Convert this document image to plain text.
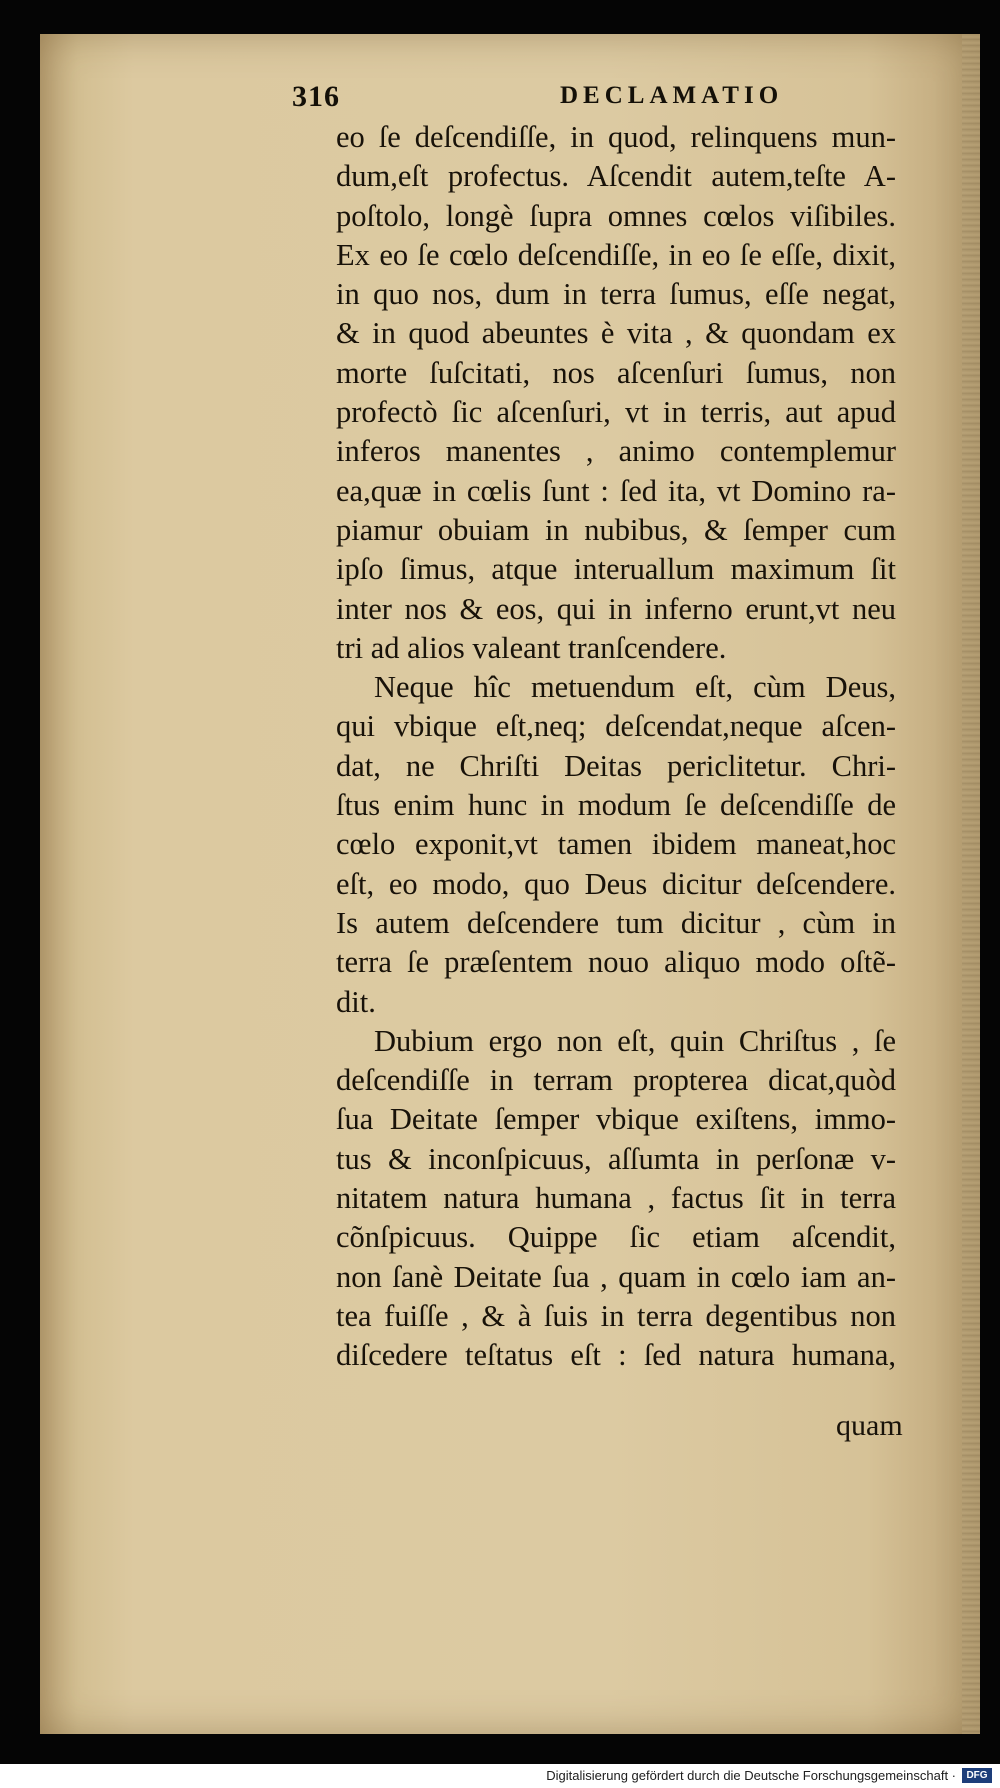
316	DECLAMATIO
eo ſe deſcendiſſe, in quod, relinquens mun-
dum,eſt profectus. Aſcendit autem,teſte A-
poſtolo, longè ſupra omnes cœlos viſibiles.
Ex eo ſe cœlo deſcendiſſe, in eo ſe eſſe, dixit,
in quo nos, dum in terra ſumus, eſſe negat,
& in quod abeuntes è vita , & quondam ex
morte ſuſcitati, nos aſcenſuri ſumus, non
profectò ſic aſcenſuri, vt in terris, aut apud
inferos manentes , animo contemplemur
ea,quæ in cœlis ſunt : ſed ita, vt Domino ra-
piamur obuiam in nubibus, & ſemper cum
ipſo ſimus, atque interuallum maximum ſit
inter nos & eos, qui in inferno erunt,vt neu
tri ad alios valeant tranſcendere.
Neque hîc metuendum eſt, cùm Deus,
qui vbique eſt,neq; deſcendat,neque aſcen-
dat, ne Chriſti Deitas periclitetur. Chri-
ſtus enim hunc in modum ſe deſcendiſſe de
cœlo exponit,vt tamen ibidem maneat,hoc
eſt, eo modo, quo Deus dicitur deſcendere.
Is autem deſcendere tum dicitur , cùm in
terra ſe præſentem nouo aliquo modo oſtẽ-
dit.
Dubium ergo non eſt, quin Chriſtus , ſe
deſcendiſſe in terram propterea dicat,quòd
ſua Deitate ſemper vbique exiſtens, immo-
tus & inconſpicuus, aſſumta in perſonæ v-
nitatem natura humana , factus ſit in terra
cõnſpicuus. Quippe ſic etiam aſcendit,
non ſanè Deitate ſua , quam in cœlo iam an-
tea fuiſſe , & à ſuis in terra degentibus non
diſcedere teſtatus eſt : ſed natura humana,
quam
Digitalisierung gefördert durch die Deutsche Forschungsgemeinschaft ·	DFG
